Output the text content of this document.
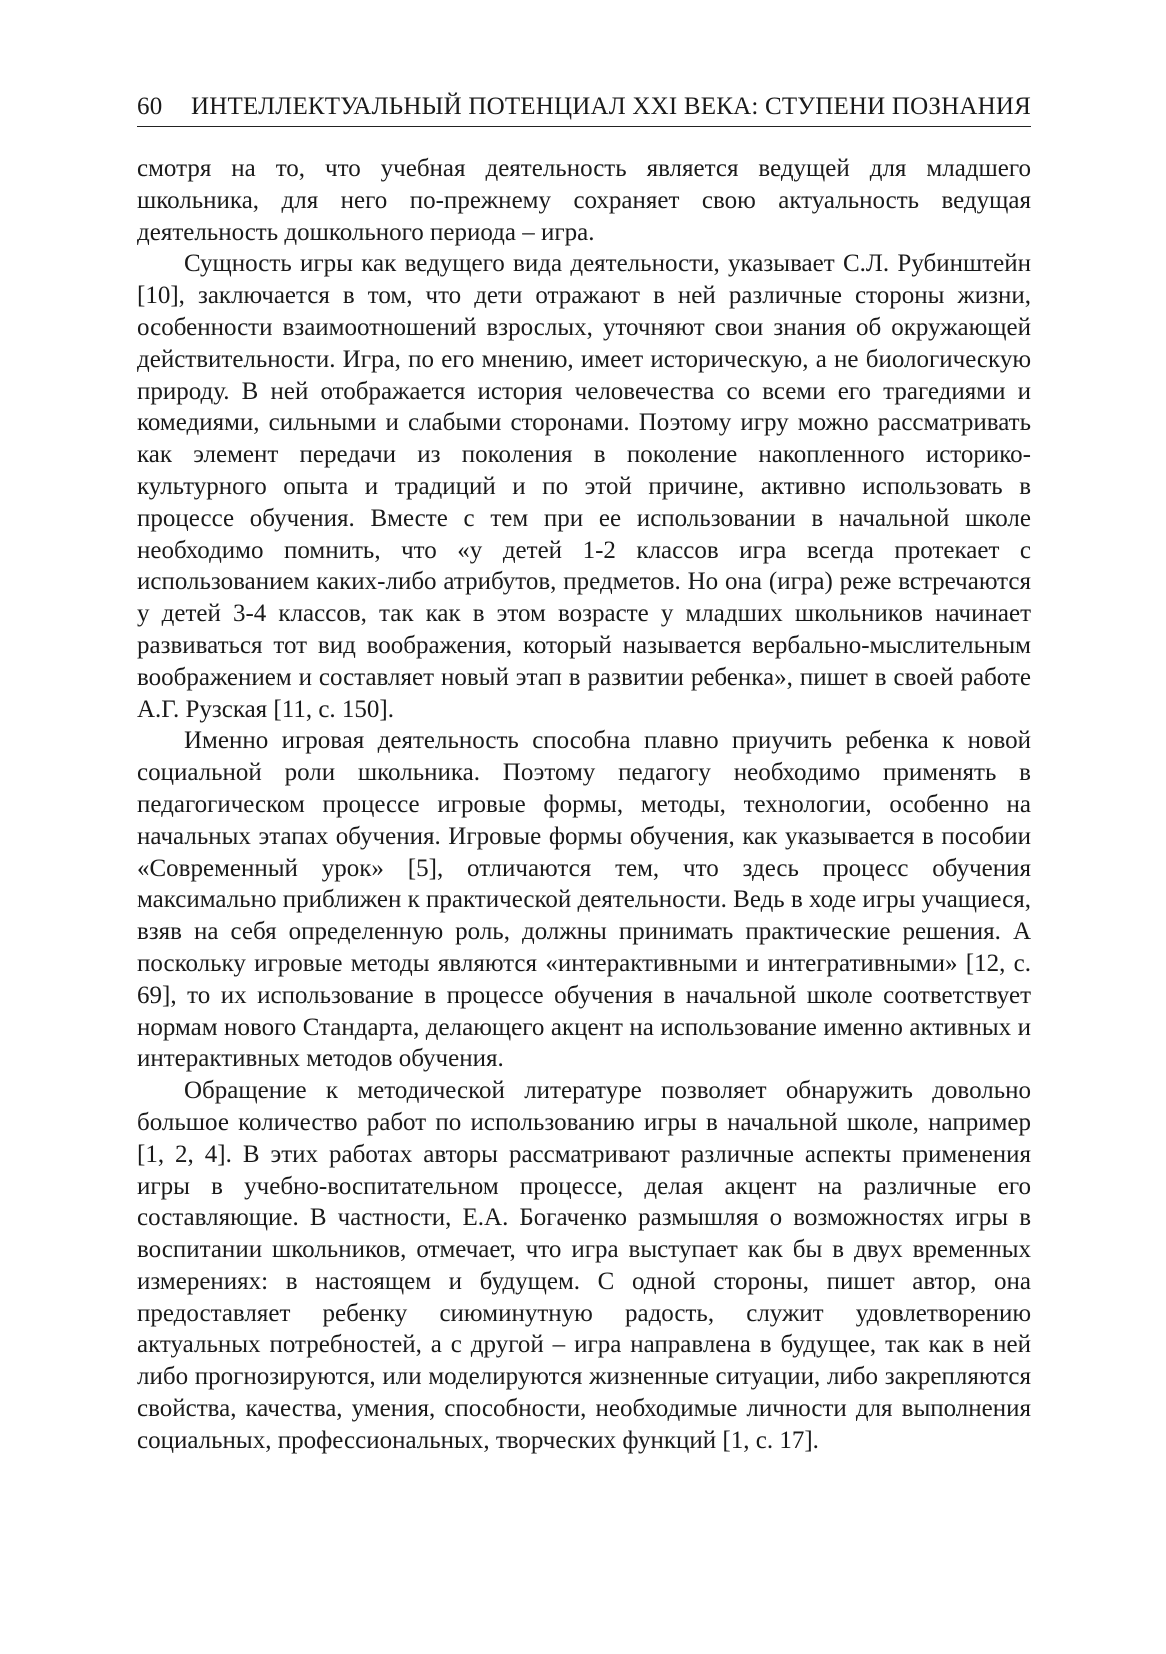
60 ИНТЕЛЛЕКТУАЛЬНЫЙ ПОТЕНЦИАЛ XXI ВЕКА: СТУПЕНИ ПОЗНАНИЯ

смотря на то, что учебная деятельность является ведущей для младшего школьника, для него по-прежнему сохраняет свою актуальность ведущая деятельность дошкольного периода – игра.

Сущность игры как ведущего вида деятельности, указывает С.Л. Рубинштейн [10], заключается в том, что дети отражают в ней различные стороны жизни, особенности взаимоотношений взрослых, уточняют свои знания об окружающей действительности. Игра, по его мнению, имеет историческую, а не биологическую природу. В ней отображается история человечества со всеми его трагедиями и комедиями, сильными и слабыми сторонами. Поэтому игру можно рассматривать как элемент передачи из поколения в поколение накопленного историко-культурного опыта и традиций и по этой причине, активно использовать в процессе обучения. Вместе с тем при ее использовании в начальной школе необходимо помнить, что «у детей 1-2 классов игра всегда протекает с использованием каких-либо атрибутов, предметов. Но она (игра) реже встречаются у детей 3-4 классов, так как в этом возрасте у младших школьников начинает развиваться тот вид воображения, который называется вербально-мыслительным воображением и составляет новый этап в развитии ребенка», пишет в своей работе А.Г. Рузская [11, с. 150].

Именно игровая деятельность способна плавно приучить ребенка к новой социальной роли школьника. Поэтому педагогу необходимо применять в педагогическом процессе игровые формы, методы, технологии, особенно на начальных этапах обучения. Игровые формы обучения, как указывается в пособии «Современный урок» [5], отличаются тем, что здесь процесс обучения максимально приближен к практической деятельности. Ведь в ходе игры учащиеся, взяв на себя определенную роль, должны принимать практические решения. А поскольку игровые методы являются «интерактивными и интегративными» [12, с. 69], то их использование в процессе обучения в начальной школе соответствует нормам нового Стандарта, делающего акцент на использование именно активных и интерактивных методов обучения.

Обращение к методической литературе позволяет обнаружить довольно большое количество работ по использованию игры в начальной школе, например [1, 2, 4]. В этих работах авторы рассматривают различные аспекты применения игры в учебно-воспитательном процессе, делая акцент на различные его составляющие. В частности, Е.А. Богаченко размышляя о возможностях игры в воспитании школьников, отмечает, что игра выступает как бы в двух временных измерениях: в настоящем и будущем. С одной стороны, пишет автор, она предоставляет ребенку сиюминутную радость, служит удовлетворению актуальных потребностей, а с другой – игра направлена в будущее, так как в ней либо прогнозируются, или моделируются жизненные ситуации, либо закрепляются свойства, качества, умения, способности, необходимые личности для выполнения социальных, профессиональных, творческих функций [1, с. 17].
